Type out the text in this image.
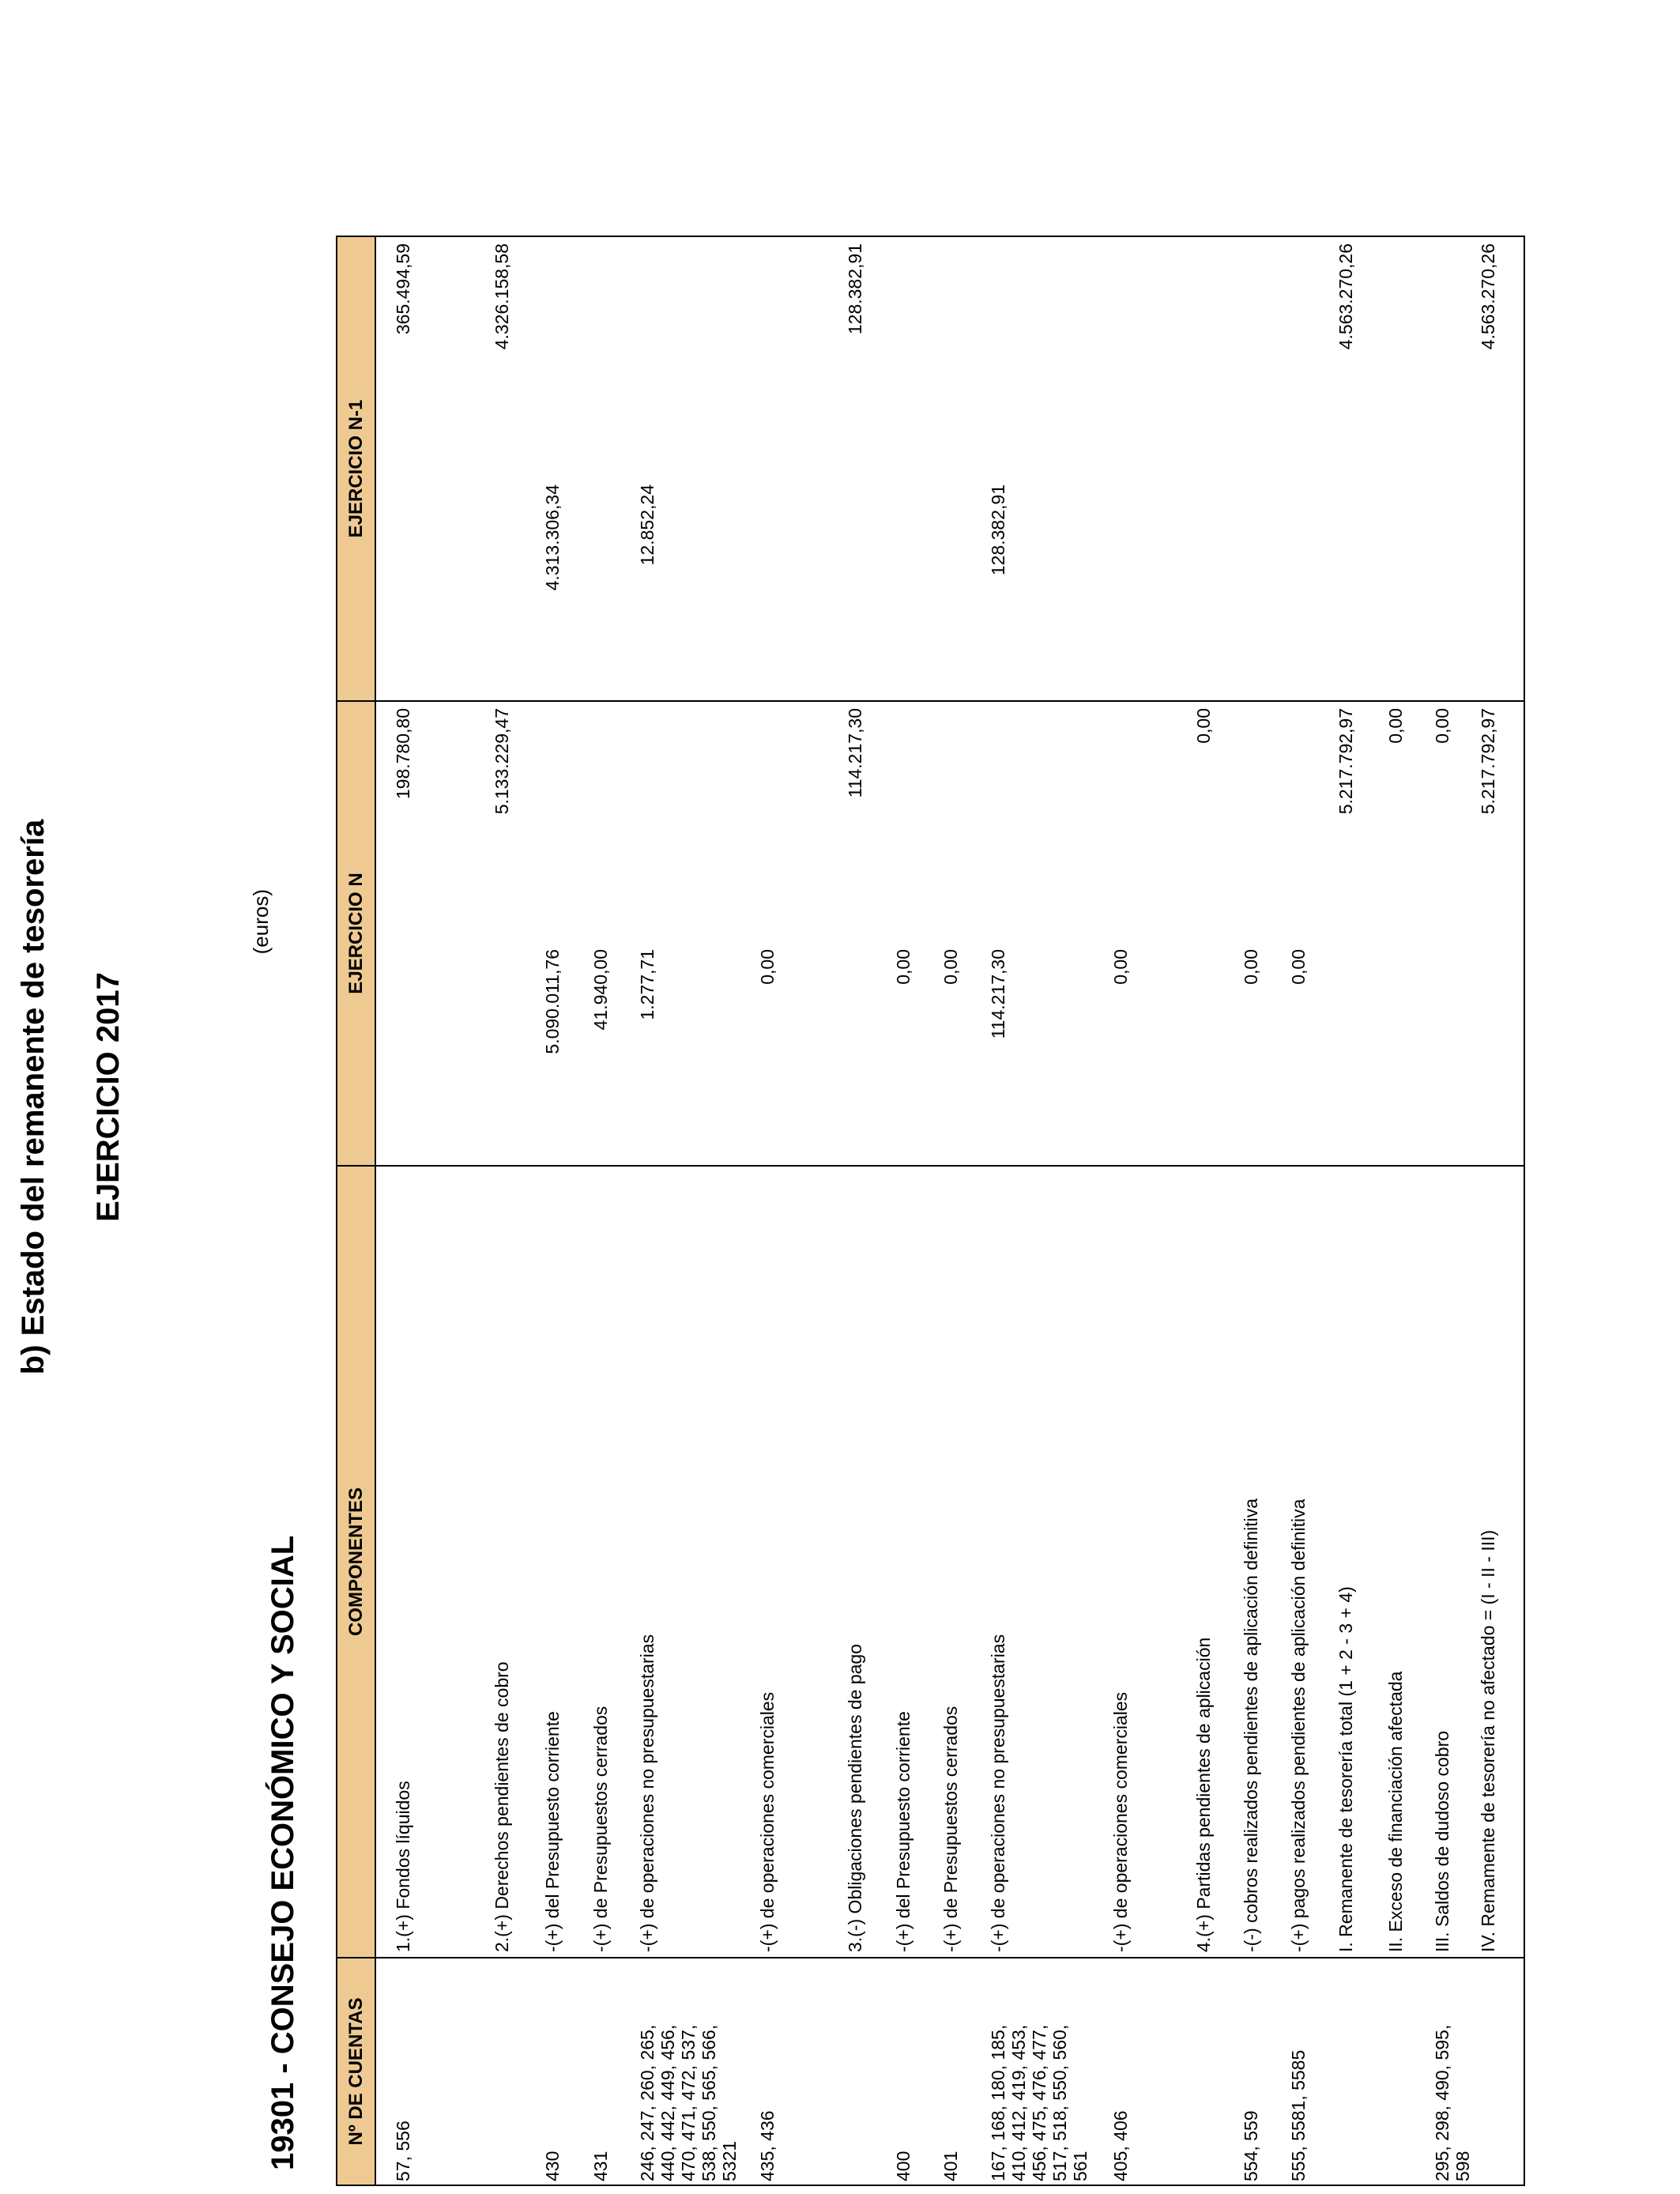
b) Estado del remanente de tesorería EJERCICIO 2017
19301 - CONSEJO ECONÓMICO Y SOCIAL
(euros)
Nº DE CUENTAS
COMPONENTES
EJERCICIO N
EJERCICIO N-1
57, 556
1.(+) Fondos líquidos
198.780,80
365.494,59
2.(+) Derechos pendientes de cobro
5.133.229,47
4.326.158,58
430
-(+) del Presupuesto corriente
5.090.011,76
4.313.306,34
431
-(+) de Presupuestos cerrados
41.940,00
246, 247, 260, 265, 440, 442, 449, 456, 470, 471, 472, 537, 538, 550, 565, 566, 5321
-(+) de operaciones no presupuestarias
1.277,71
12.852,24
435, 436
-(+) de operaciones comerciales
0,00
3.(-) Obligaciones pendientes de pago
114.217,30
128.382,91
400
-(+) del Presupuesto corriente
0,00
401
-(+) de Presupuestos cerrados
0,00
167, 168, 180, 185, 410, 412, 419, 453, 456, 475, 476, 477, 517, 518, 550, 560, 561
-(+) de operaciones no presupuestarias
114.217,30
128.382,91
405, 406
-(+) de operaciones comerciales
0,00
4.(+) Partidas pendientes de aplicación
0,00
554, 559
-(-) cobros realizados pendientes de aplicación definitiva
0,00
555, 5581, 5585
-(+) pagos realizados pendientes de aplicación definitiva
0,00
I. Remanente de tesorería total (1 + 2 - 3 + 4)
5.217.792,97
4.563.270,26
II. Exceso de financiación afectada
0,00
295, 298, 490, 595, 598
III. Saldos de dudoso cobro
0,00
IV. Remamente de tesorería no afectado = (I - II - III)
5.217.792,97
4.563.270,26
